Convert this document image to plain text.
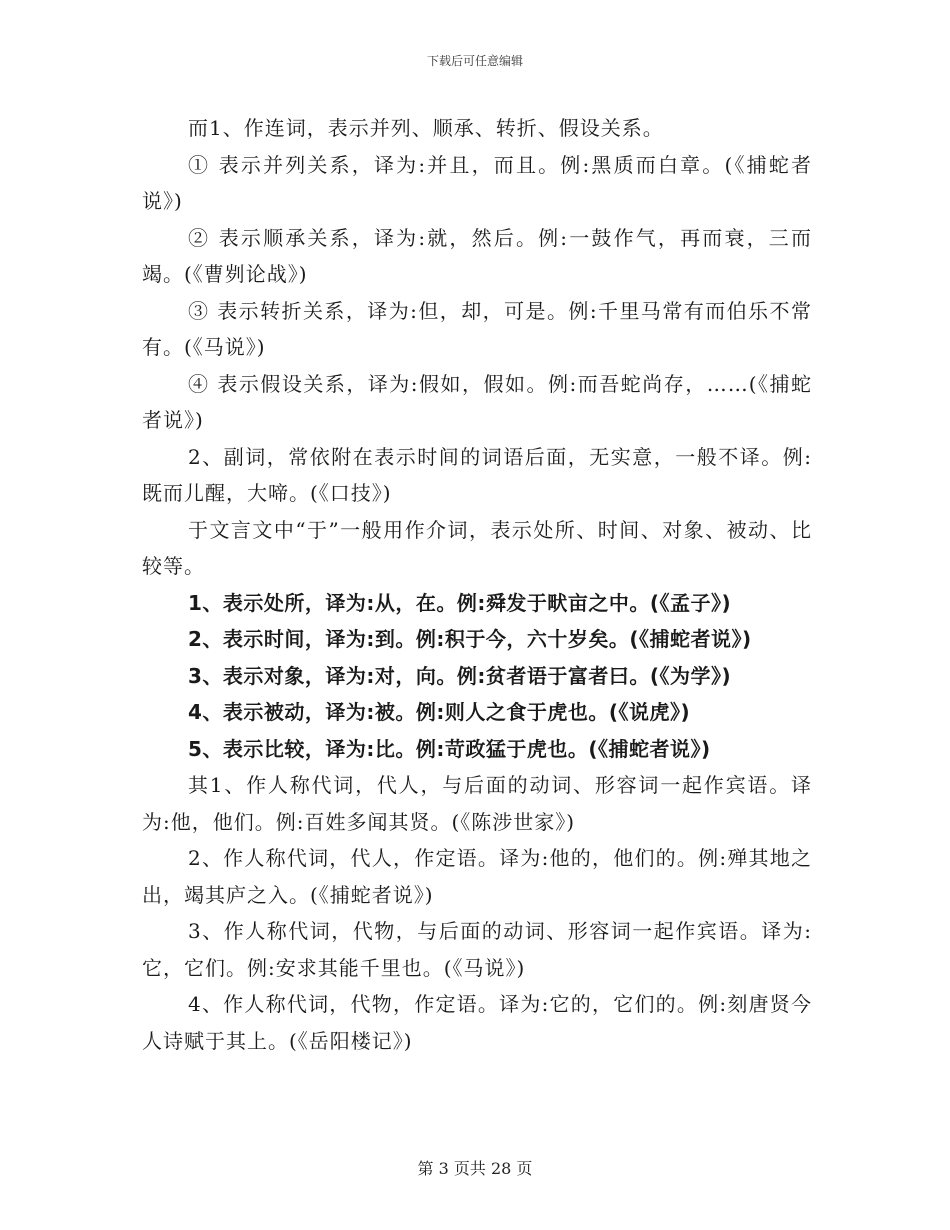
下载后可任意编辑

而1、作连词，表示并列、顺承、转折、假设关系。

① 表示并列关系，译为:并且，而且。例:黑质而白章。(《捕蛇者说》)

② 表示顺承关系，译为:就，然后。例:一鼓作气，再而衰，三而竭。(《曹刿论战》)

③ 表示转折关系，译为:但，却，可是。例:千里马常有而伯乐不常有。(《马说》)

④ 表示假设关系，译为:假如，假如。例:而吾蛇尚存，……(《捕蛇者说》)

2、副词，常依附在表示时间的词语后面，无实意，一般不译。例:既而儿醒，大啼。(《口技》)

于文言文中“于”一般用作介词，表示处所、时间、对象、被动、比较等。

1、表示处所，译为:从，在。例:舜发于畎亩之中。(《孟子》)

2、表示时间，译为:到。例:积于今，六十岁矣。(《捕蛇者说》)

3、表示对象，译为:对，向。例:贫者语于富者曰。(《为学》)

4、表示被动，译为:被。例:则人之食于虎也。(《说虎》)

5、表示比较，译为:比。例:苛政猛于虎也。(《捕蛇者说》)

其1、作人称代词，代人，与后面的动词、形容词一起作宾语。译为:他，他们。例:百姓多闻其贤。(《陈涉世家》)

2、作人称代词，代人，作定语。译为:他的，他们的。例:殚其地之出，竭其庐之入。(《捕蛇者说》)

3、作人称代词，代物，与后面的动词、形容词一起作宾语。译为:它，它们。例:安求其能千里也。(《马说》)

4、作人称代词，代物，作定语。译为:它的，它们的。例:刻唐贤今人诗赋于其上。(《岳阳楼记》)

第 3 页共 28 页
